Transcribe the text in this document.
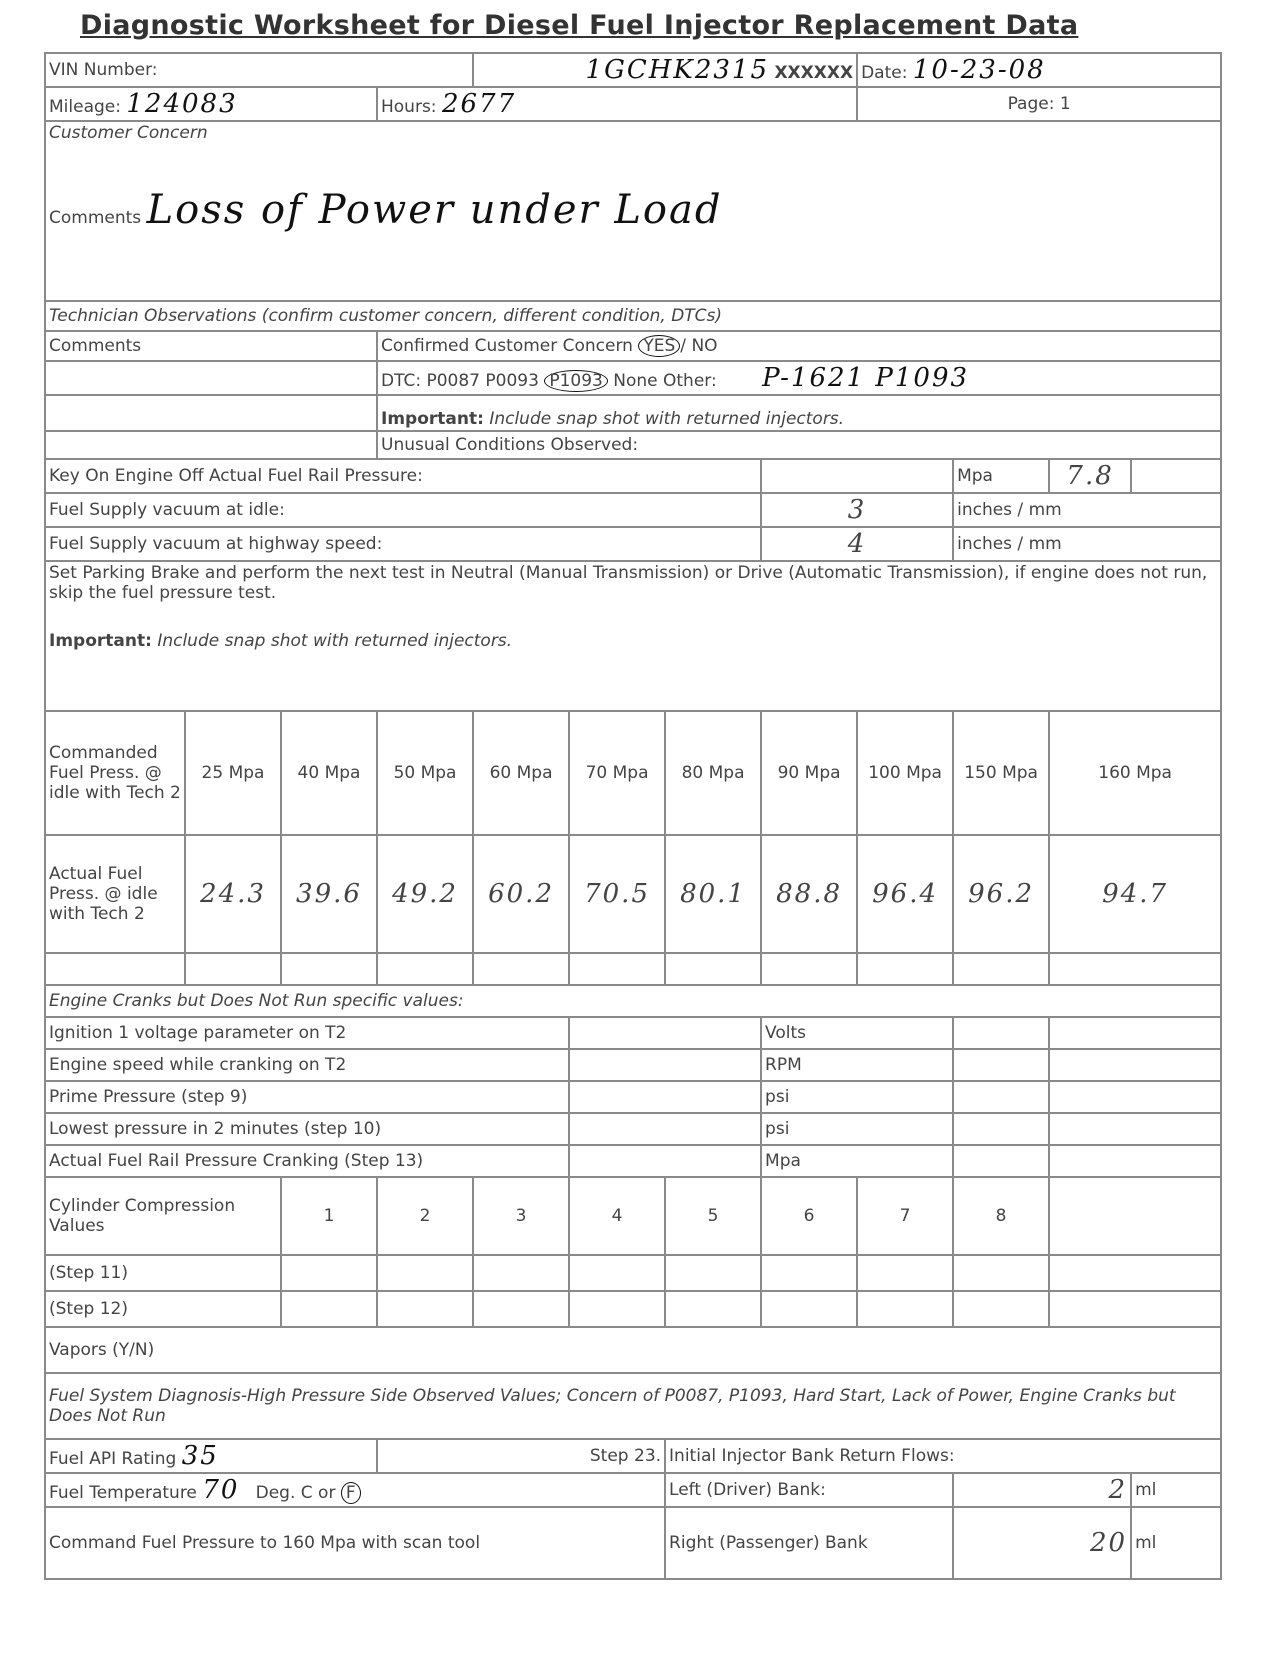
Diagnostic Worksheet for Diesel Fuel Injector Replacement Data
VIN Number:				1GCHK2315 XXXXXX				Date: 10-23-08			
Mileage: 124083			Hours: 2677					Page: 1			

Customer Concern
Comments Loss of Power under Load											

Technician Observations (confirm customer concern, different condition, DTCs)											
Comments			Confirmed Customer Concern YES / NO								
			DTC: P0087 P0093 P1093 None Other: P-1621 P1093								
			Important: Include snap shot with returned injectors.								
			Unusual Conditions Observed:								
Key On Engine Off Actual Fuel Rail Pressure:									Mpa	7.8	
Fuel Supply vacuum at idle:							3		inches / mm		
Fuel Supply vacuum at highway speed:							4		inches / mm		

Set Parking Brake and perform the next test in Neutral (Manual Transmission) or Drive (Automatic Transmission), if engine does not run, skip the fuel pressure test.
Important: Include snap shot with returned injectors.											

Commanded Fuel Press. @ idle with Tech 2	25 Mpa	40 Mpa	50 Mpa	60 Mpa	70 Mpa	80 Mpa	90 Mpa	100 Mpa	150 Mpa	160 Mpa	
Actual Fuel Press. @ idle with Tech 2	24.3	39.6	49.2	60.2	70.5	80.1	88.8	96.4	96.2	94.7	

Engine Cranks but Does Not Run specific values:											
Ignition 1 voltage parameter on T2							Volts				
Engine speed while cranking on T2							RPM				
Prime Pressure (step 9)							psi				
Lowest pressure in 2 minutes (step 10)							psi				
Actual Fuel Rail Pressure Cranking (Step 13)							Mpa				
Cylinder Compression Values		1	2	3	4	5	6	7	8		
(Step 11)											
(Step 12)											
Vapors (Y/N)											
Fuel System Diagnosis-High Pressure Side Observed Values; Concern of P0087, P1093, Hard Start, Lack of Power, Engine Cranks but Does Not Run											
Fuel API Rating 35			Step 23.			Initial Injector Bank Return Flows:					
Fuel Temperature 70 Deg. C or F						Left (Driver) Bank:			2		ml
Command Fuel Pressure to 160 Mpa with scan tool						Right (Passenger) Bank			20		ml
